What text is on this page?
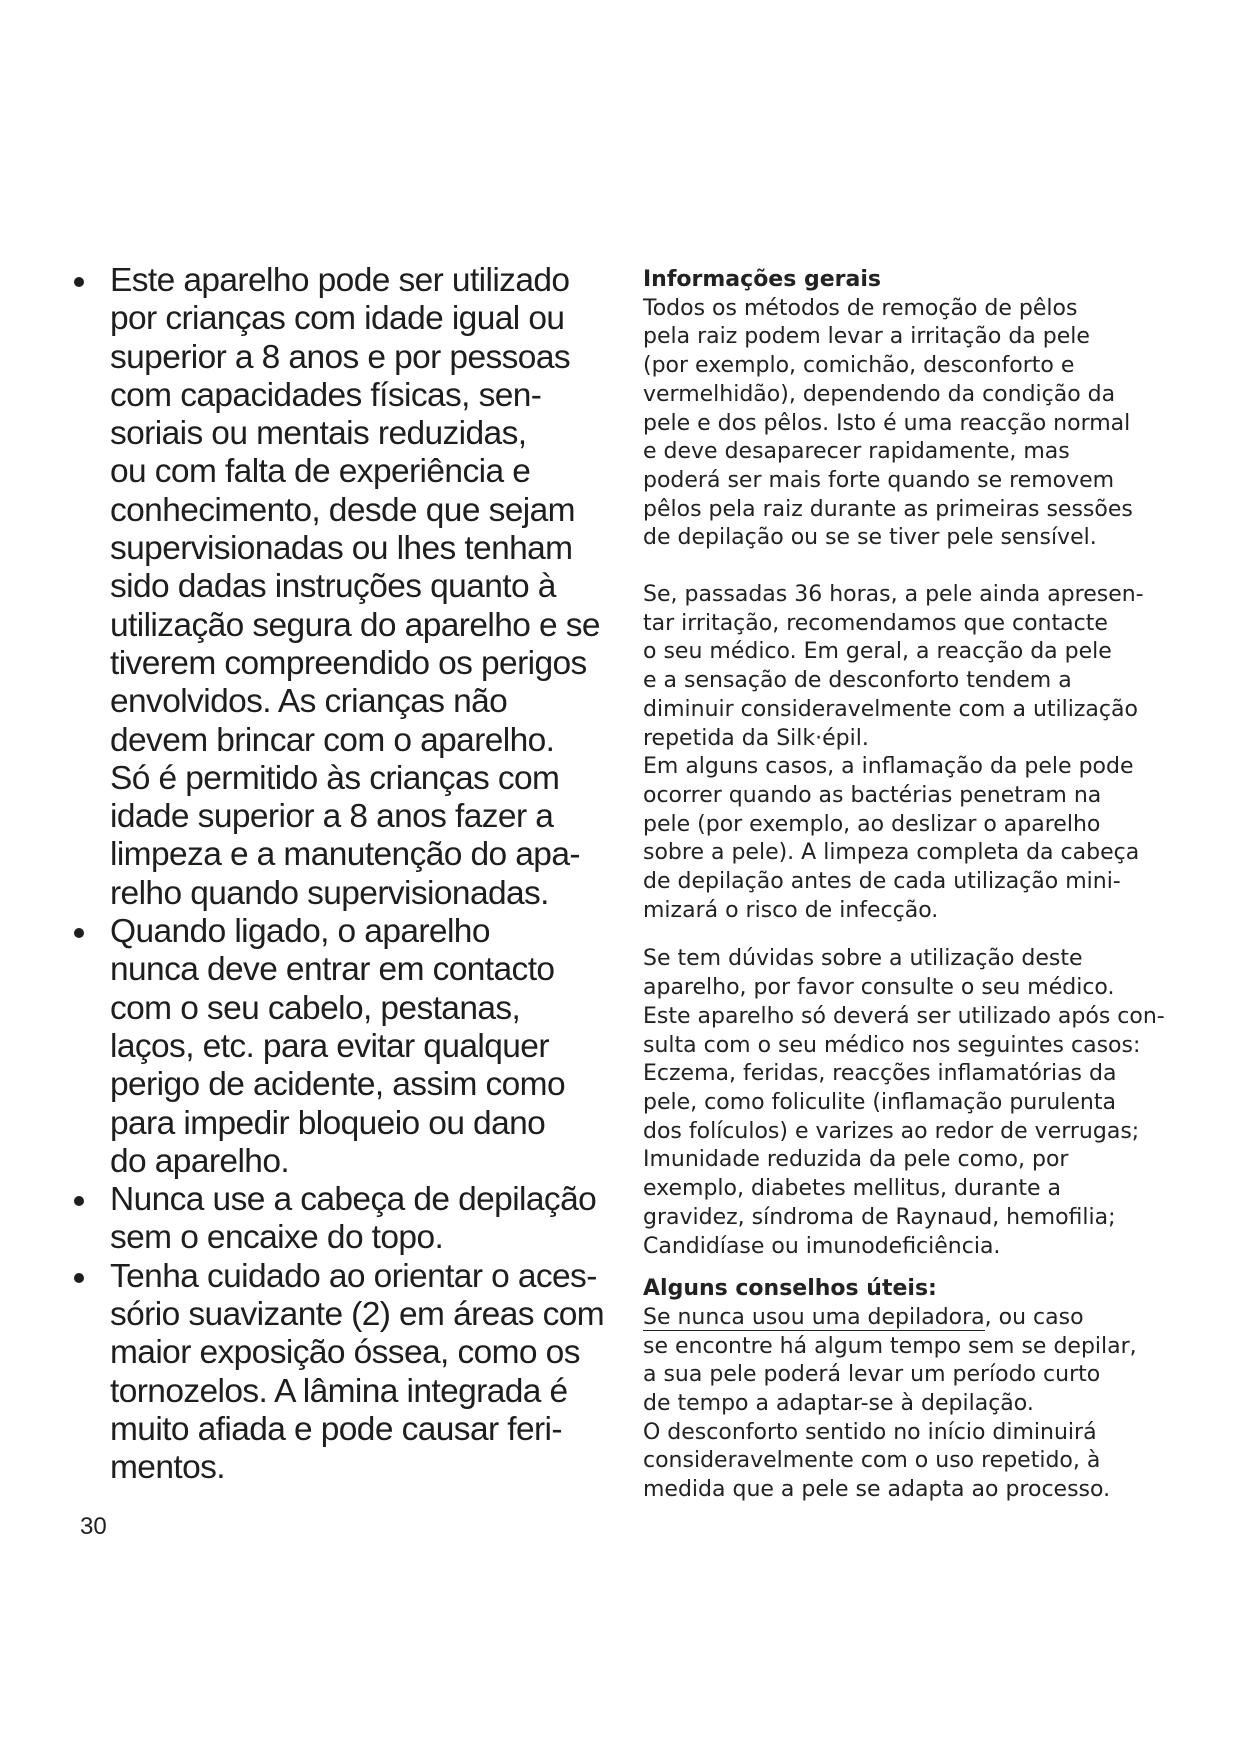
Este aparelho pode ser utilizado
por crianças com idade igual ou
superior a 8 anos e por pessoas
com capacidades físicas, sen-
soriais ou mentais reduzidas,
ou com falta de experiência e
conhecimento, desde que sejam
supervisionadas ou lhes tenham
sido dadas instruções quanto à
utilização segura do aparelho e se
tiverem compreendido os perigos
envolvidos. As crianças não
devem brincar com o aparelho.
Só é permitido às crianças com
idade superior a 8 anos fazer a
limpeza e a manutenção do apa-
relho quando supervisionadas.
Quando ligado, o aparelho
nunca deve entrar em contacto
com o seu cabelo, pestanas,
laços, etc. para evitar qualquer
perigo de acidente, assim como
para impedir bloqueio ou dano
do aparelho.
Nunca use a cabeça de depilação
sem o encaixe do topo.
Tenha cuidado ao orientar o aces-
sório suavizante (2) em áreas com
maior exposição óssea, como os
tornozelos. A lâmina integrada é
muito afiada e pode causar feri-
mentos.
Informações gerais

Todos os métodos de remoção de pêlos
pela raiz podem levar a irritação da pele
(por exemplo, comichão, desconforto e
vermelhidão), dependendo da condição da
pele e dos pêlos. Isto é uma reacção normal
e deve desaparecer rapidamente, mas
poderá ser mais forte quando se removem
pêlos pela raiz durante as primeiras sessões
de depilação ou se se tiver pele sensível.

Se, passadas 36 horas, a pele ainda apresen-
tar irritação, recomendamos que contacte
o seu médico. Em geral, a reacção da pele
e a sensação de desconforto tendem a
diminuir consideravelmente com a utilização
repetida da Silk·épil.

Em alguns casos, a inflamação da pele pode
ocorrer quando as bactérias penetram na
pele (por exemplo, ao deslizar o aparelho
sobre a pele). A limpeza completa da cabeça
de depilação antes de cada utilização mini-
mizará o risco de infecção.

Se tem dúvidas sobre a utilização deste
aparelho, por favor consulte o seu médico.
Este aparelho só deverá ser utilizado após con-
sulta com o seu médico nos seguintes casos:
Eczema, feridas, reacções inflamatórias da
pele, como foliculite (inflamação purulenta
dos folículos) e varizes ao redor de verrugas;
Imunidade reduzida da pele como, por
exemplo, diabetes mellitus, durante a
gravidez, síndroma de Raynaud, hemofilia;
Candidíase ou imunodeficiência.

Alguns conselhos úteis:

Se nunca usou uma depiladora, ou caso
se encontre há algum tempo sem se depilar,
a sua pele poderá levar um período curto
de tempo a adaptar-se à depilação.
O desconforto sentido no início diminuirá
consideravelmente com o uso repetido, à
medida que a pele se adapta ao processo.

30
